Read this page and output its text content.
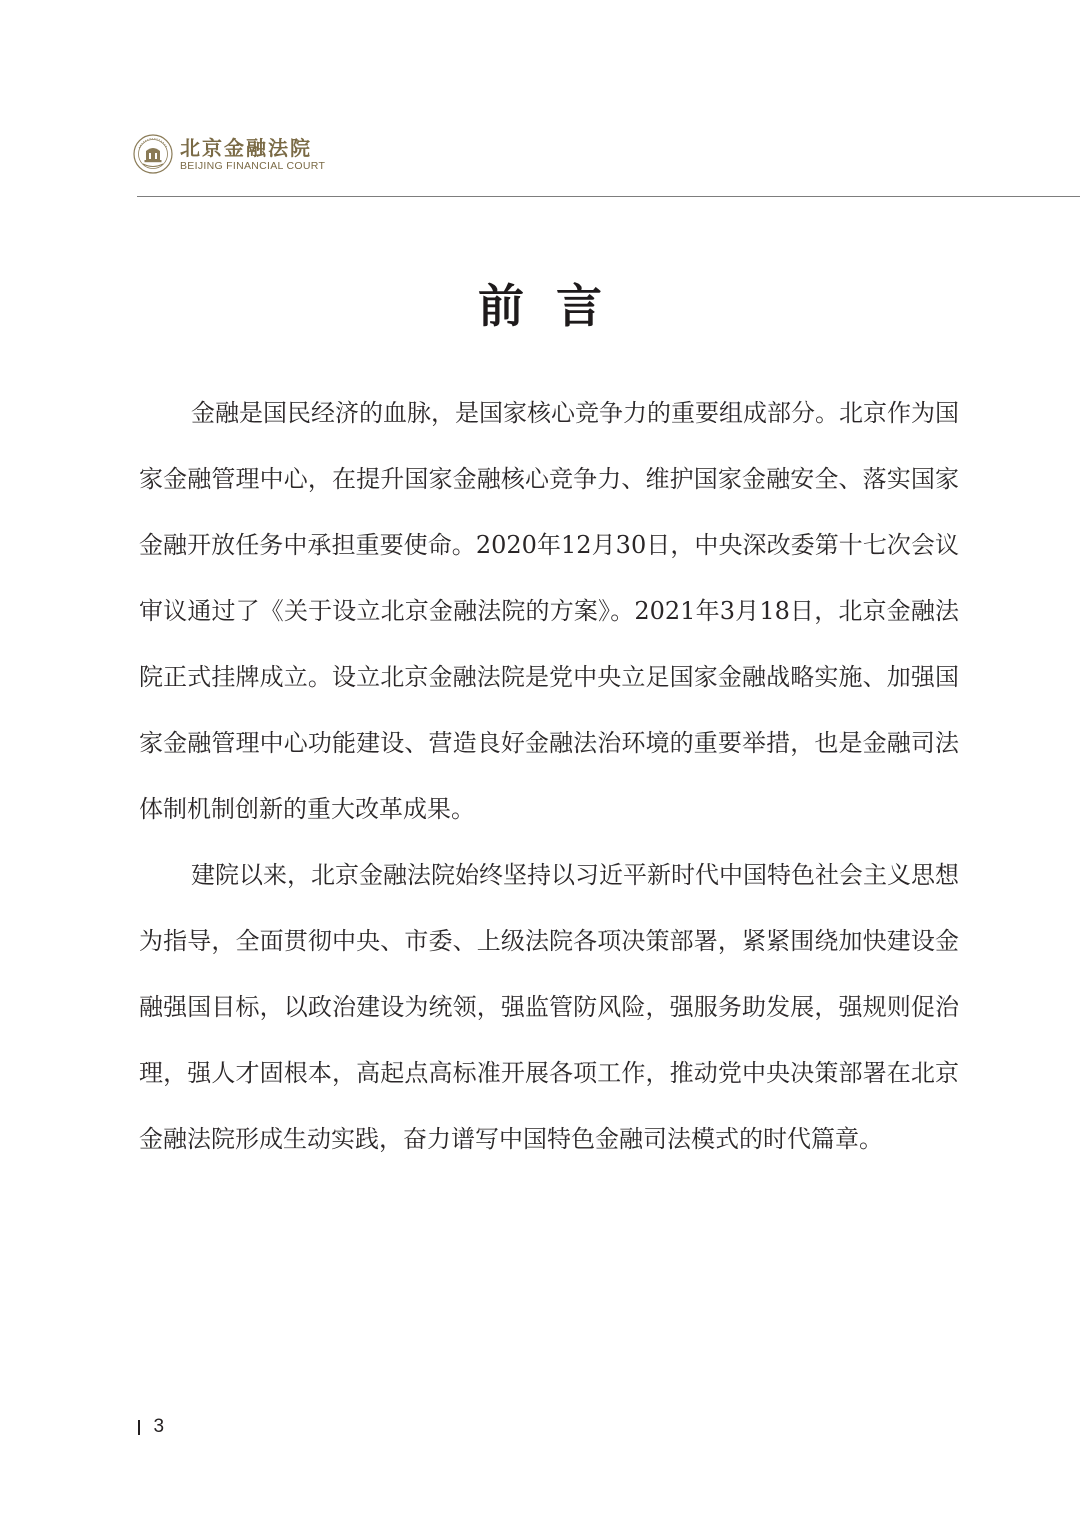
北京金融法院
BEIJING FINANCIAL COURT
前言

金融是国民经济的血脉，是国家核心竞争力的重要组成部分。北京作为国家金融管理中心，在提升国家金融核心竞争力、维护国家金融安全、落实国家金融开放任务中承担重要使命。2020年12月30日，中央深改委第十七次会议审议通过了《关于设立北京金融法院的方案》。2021年3月18日，北京金融法院正式挂牌成立。设立北京金融法院是党中央立足国家金融战略实施、加强国家金融管理中心功能建设、营造良好金融法治环境的重要举措，也是金融司法体制机制创新的重大改革成果。

建院以来，北京金融法院始终坚持以习近平新时代中国特色社会主义思想为指导，全面贯彻中央、市委、上级法院各项决策部署，紧紧围绕加快建设金融强国目标，以政治建设为统领，强监管防风险，强服务助发展，强规则促治理，强人才固根本，高起点高标准开展各项工作，推动党中央决策部署在北京金融法院形成生动实践，奋力谱写中国特色金融司法模式的时代篇章。

3
